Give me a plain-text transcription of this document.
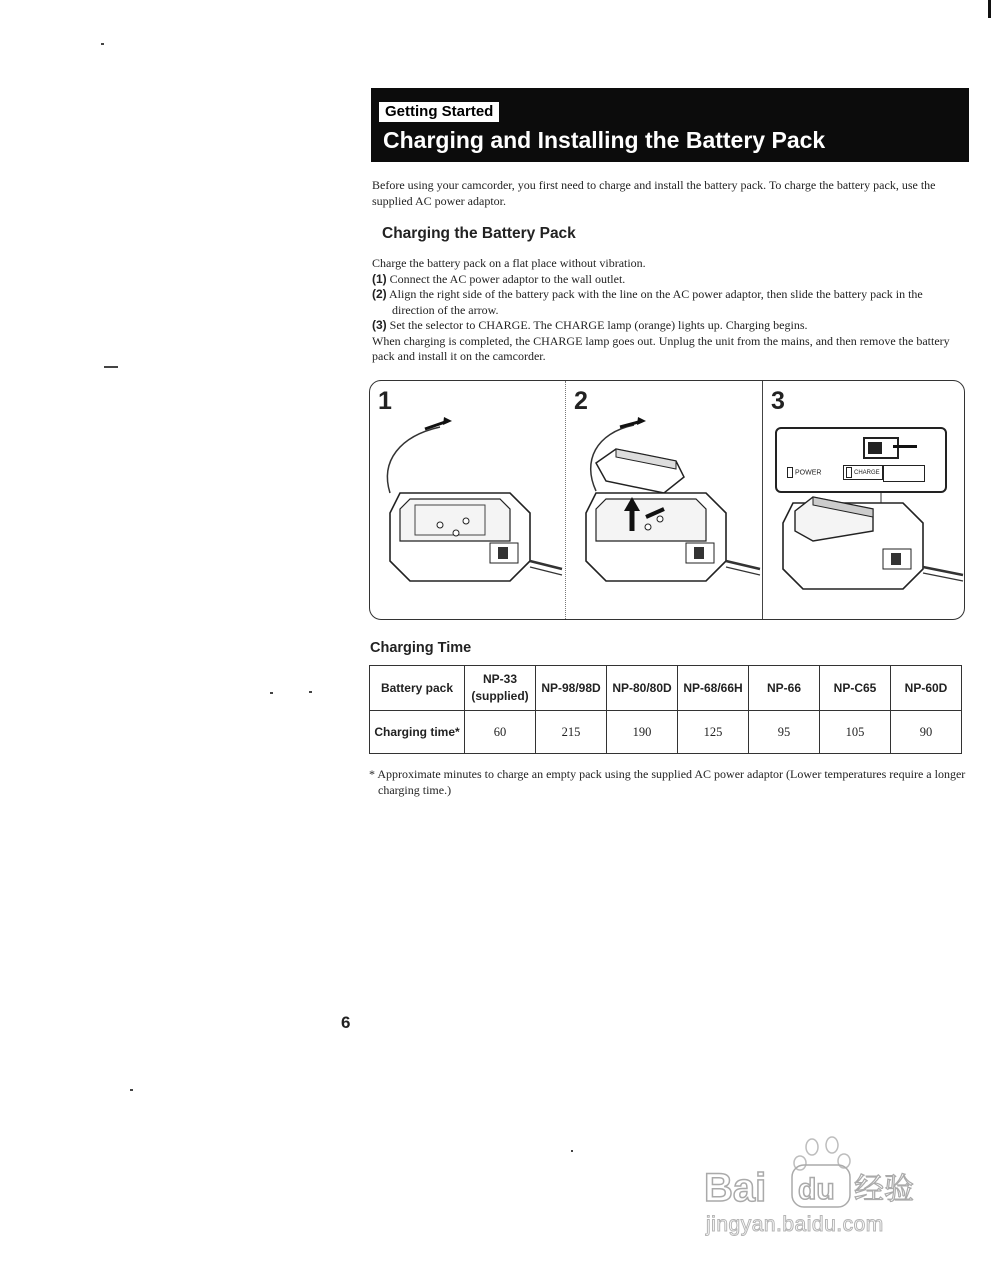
Getting Started
Charging and Installing the Battery Pack
Before using your camcorder, you first need to charge and install the battery pack. To charge the battery pack, use the supplied AC power adaptor.
Charging the Battery Pack

Charge the battery pack on a flat place without vibration.

(1) Connect the AC power adaptor to the wall outlet.

(2) Align the right side of the battery pack with the line on the AC power adaptor, then slide the battery pack in the direction of the arrow.

(3) Set the selector to CHARGE. The CHARGE lamp (orange) lights up. Charging begins.

When charging is completed, the CHARGE lamp goes out. Unplug the unit from the mains, and then remove the battery pack and install it on the camcorder.

1	2	3
POWER	CHARGE
Charging Time
Battery pack	NP-33 (supplied)	NP-98/98D	NP-80/80D	NP-68/66H	NP-66	NP-C65	NP-60D
Charging time*	60	215	190	125	95	105	90
* Approximate minutes to charge an empty pack using the supplied AC power adaptor (Lower temperatures require a longer charging time.)
6
Bai du 经验
jingyan.baidu.com
